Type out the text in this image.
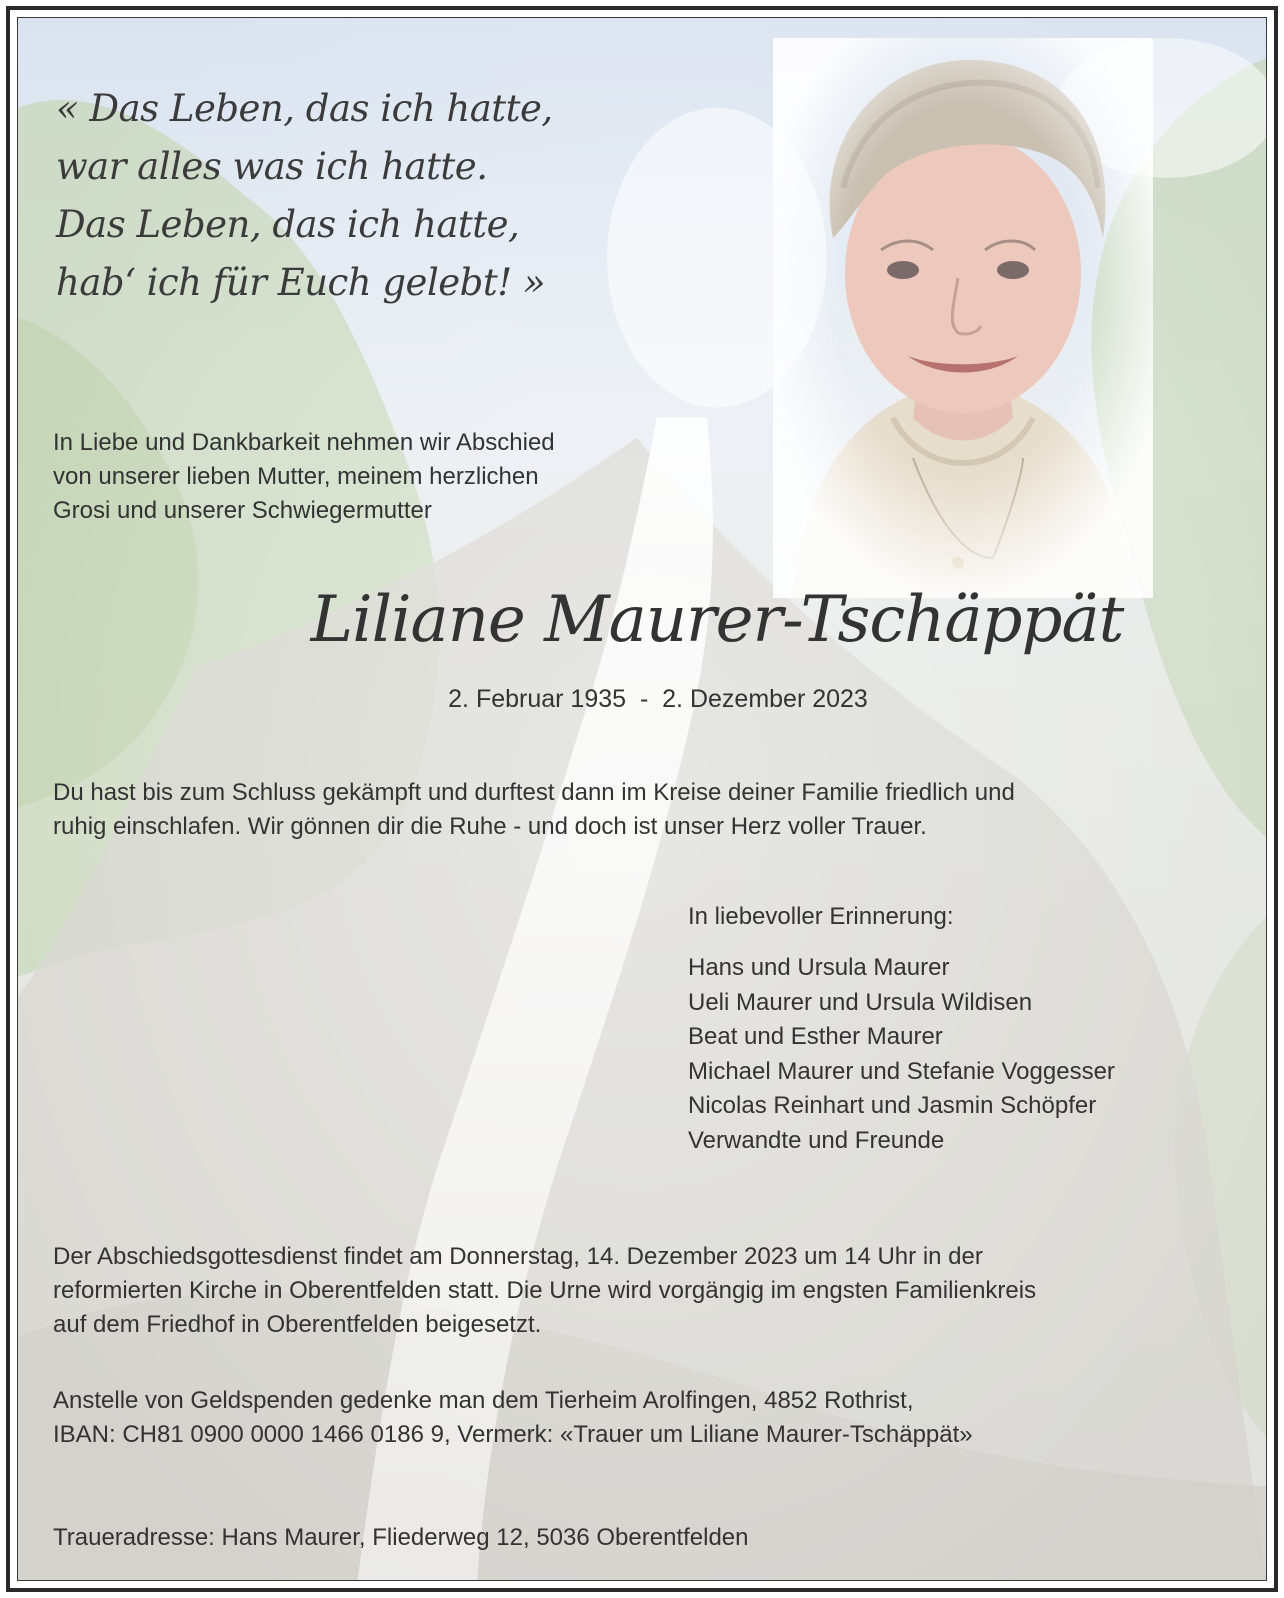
« Das Leben, das ich hatte,
war alles was ich hatte.
Das Leben, das ich hatte,
hab‘ ich für Euch gelebt! »
In Liebe und Dankbarkeit nehmen wir Abschied
von unserer lieben Mutter, meinem herzlichen
Grosi und unserer Schwiegermutter
Liliane Maurer-Tschäppät
2. Februar 1935  -  2. Dezember 2023
Du hast bis zum Schluss gekämpft und durftest dann im Kreise deiner Familie friedlich und
ruhig einschlafen. Wir gönnen dir die Ruhe - und doch ist unser Herz voller Trauer.
In liebevoller Erinnerung:
Hans und Ursula Maurer
Ueli Maurer und Ursula Wildisen
Beat und Esther Maurer
Michael Maurer und Stefanie Voggesser
Nicolas Reinhart und Jasmin Schöpfer
Verwandte und Freunde
Der Abschiedsgottesdienst findet am Donnerstag, 14. Dezember 2023 um 14 Uhr in der
reformierten Kirche in Oberentfelden statt. Die Urne wird vorgängig im engsten Familienkreis
auf dem Friedhof in Oberentfelden beigesetzt.
Anstelle von Geldspenden gedenke man dem Tierheim Arolfingen, 4852 Rothrist,
IBAN: CH81 0900 0000 1466 0186 9, Vermerk: «Trauer um Liliane Maurer-Tschäppät»
Traueradresse: Hans Maurer, Fliederweg 12, 5036 Oberentfelden
